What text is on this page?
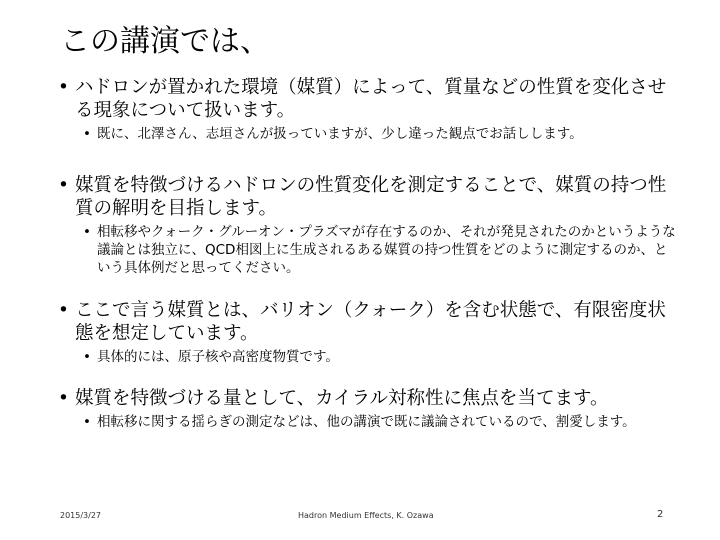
この講演では、

• ハドロンが置かれた環境（媒質）によって、質量などの性質を変化させる現象について扱います。

• 既に、北澤さん、志垣さんが扱っていますが、少し違った観点でお話しします。

• 媒質を特徴づけるハドロンの性質変化を測定することで、媒質の持つ性質の解明を目指します。

• 相転移やクォーク・グルーオン・プラズマが存在するのか、それが発見されたのかというような議論とは独立に、QCD相図上に生成されるある媒質の持つ性質をどのように測定するのか、という具体例だと思ってください。

• ここで言う媒質とは、バリオン（クォーク）を含む状態で、有限密度状態を想定しています。

• 具体的には、原子核や高密度物質です。

• 媒質を特徴づける量として、カイラル対称性に焦点を当てます。

• 相転移に関する揺らぎの測定などは、他の講演で既に議論されているので、割愛します。

2015/3/27	Hadron Medium Effects, K. Ozawa	2
